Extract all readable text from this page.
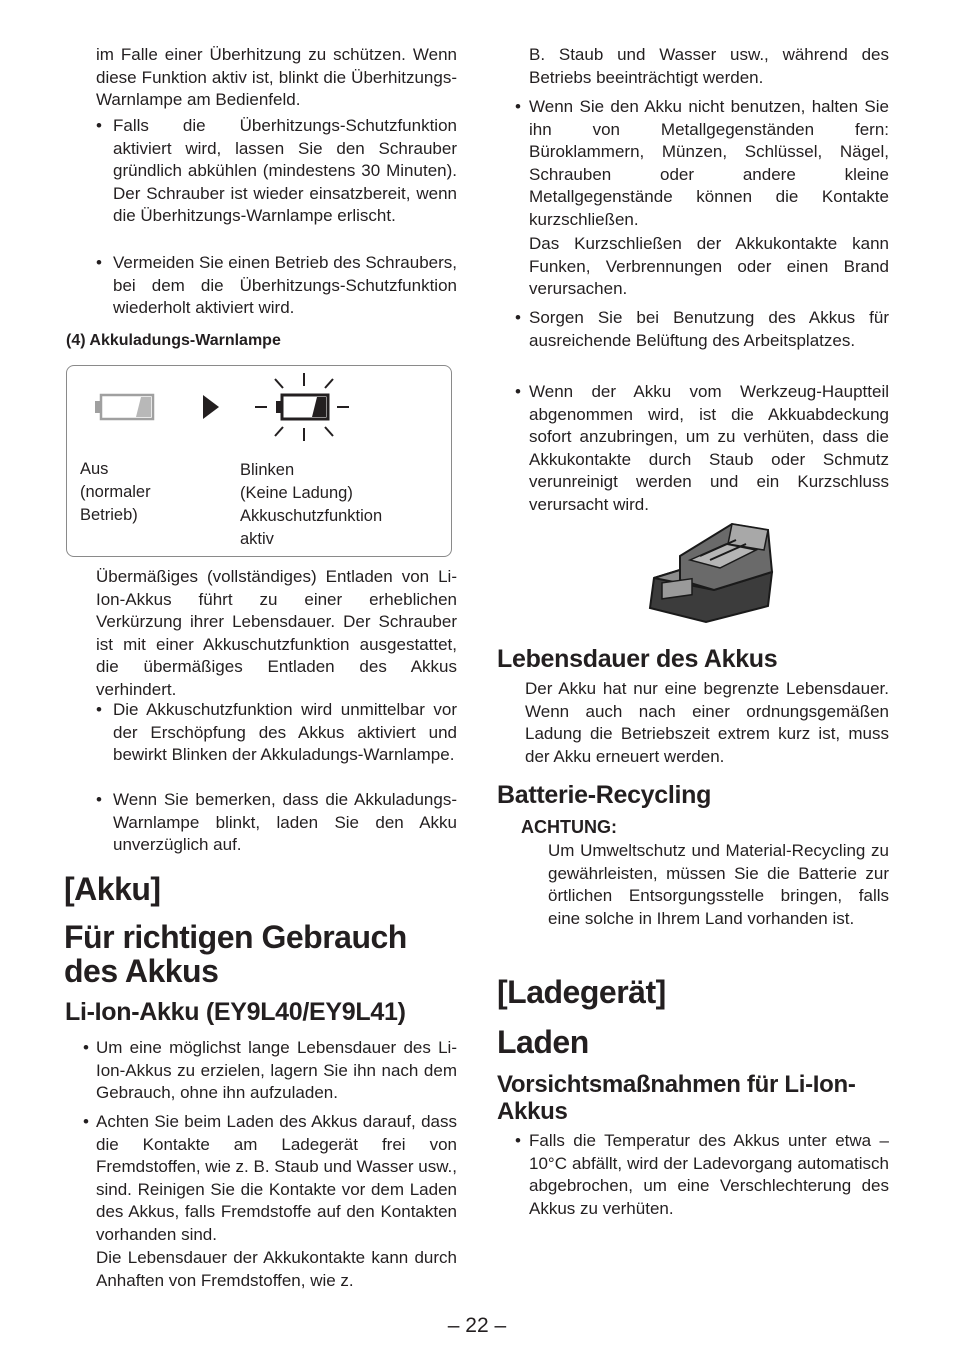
im Falle einer Überhitzung zu schützen. Wenn diese Funktion aktiv ist, blinkt die Überhitzungs-Warnlampe am Bedienfeld.

• Falls die Überhitzungs-Schutzfunktion aktiviert wird, lassen Sie den Schrauber gründlich abkühlen (mindestens 30 Minuten). Der Schrauber ist wieder einsatzbereit, wenn die Überhitzungs-Warnlampe erlischt.

• Vermeiden Sie einen Betrieb des Schraubers, bei dem die Überhitzungs-Schutzfunktion wiederholt aktiviert wird.

(4) Akkuladungs-Warnlampe

Aus
(normaler
Betrieb)

Blinken
(Keine Ladung)
Akkuschutzfunktion
aktiv

Übermäßiges (vollständiges) Entladen von Li-Ion-Akkus führt zu einer erheblichen Verkürzung ihrer Lebensdauer. Der Schrauber ist mit einer Akkuschutzfunktion ausgestattet, die übermäßiges Entladen des Akkus verhindert.

• Die Akkuschutzfunktion wird unmittelbar vor der Erschöpfung des Akkus aktiviert und bewirkt Blinken der Akkuladungs-Warnlampe.

• Wenn Sie bemerken, dass die Akkuladungs-Warnlampe blinkt, laden Sie den Akku unverzüglich auf.

[Akku]

Für richtigen Gebrauch des Akkus

Li-Ion-Akku (EY9L40/EY9L41)

• Um eine möglichst lange Lebensdauer des Li-Ion-Akkus zu erzielen, lagern Sie ihn nach dem Gebrauch, ohne ihn aufzuladen.

• Achten Sie beim Laden des Akkus darauf, dass die Kontakte am Ladegerät frei von Fremdstoffen, wie z. B. Staub und Wasser usw., sind. Reinigen Sie die Kontakte vor dem Laden des Akkus, falls Fremdstoffe auf den Kontakten vorhanden sind.

Die Lebensdauer der Akkukontakte kann durch Anhaften von Fremdstoffen, wie z.

B. Staub und Wasser usw., während des Betriebs beeinträchtigt werden.

• Wenn Sie den Akku nicht benutzen, halten Sie ihn von Metallgegenständen fern: Büroklammern, Münzen, Schlüssel, Nägel, Schrauben oder andere kleine Metallgegenstände können die Kontakte kurzschließen.

Das Kurzschließen der Akkukontakte kann Funken, Verbrennungen oder einen Brand verursachen.

• Sorgen Sie bei Benutzung des Akkus für ausreichende Belüftung des Arbeitsplatzes.

• Wenn der Akku vom Werkzeug-Hauptteil abgenommen wird, ist die Akkuabdeckung sofort anzubringen, um zu verhüten, dass die Akkukontakte durch Staub oder Schmutz verunreinigt werden und ein Kurzschluss verursacht wird.

Lebensdauer des Akkus

Der Akku hat nur eine begrenzte Lebensdauer. Wenn auch nach einer ordnungsgemäßen Ladung die Betriebszeit extrem kurz ist, muss der Akku erneuert werden.

Batterie-Recycling

ACHTUNG:

Um Umweltschutz und Material-Recycling zu gewährleisten, müssen Sie die Batterie zur örtlichen Entsorgungsstelle bringen, falls eine solche in Ihrem Land vorhanden ist.

[Ladegerät]

Laden

Vorsichtsmaßnahmen für Li-Ion-Akkus

• Falls die Temperatur des Akkus unter etwa –10°C abfällt, wird der Ladevorgang automatisch abgebrochen, um eine Verschlechterung des Akkus zu verhüten.

– 22 –
